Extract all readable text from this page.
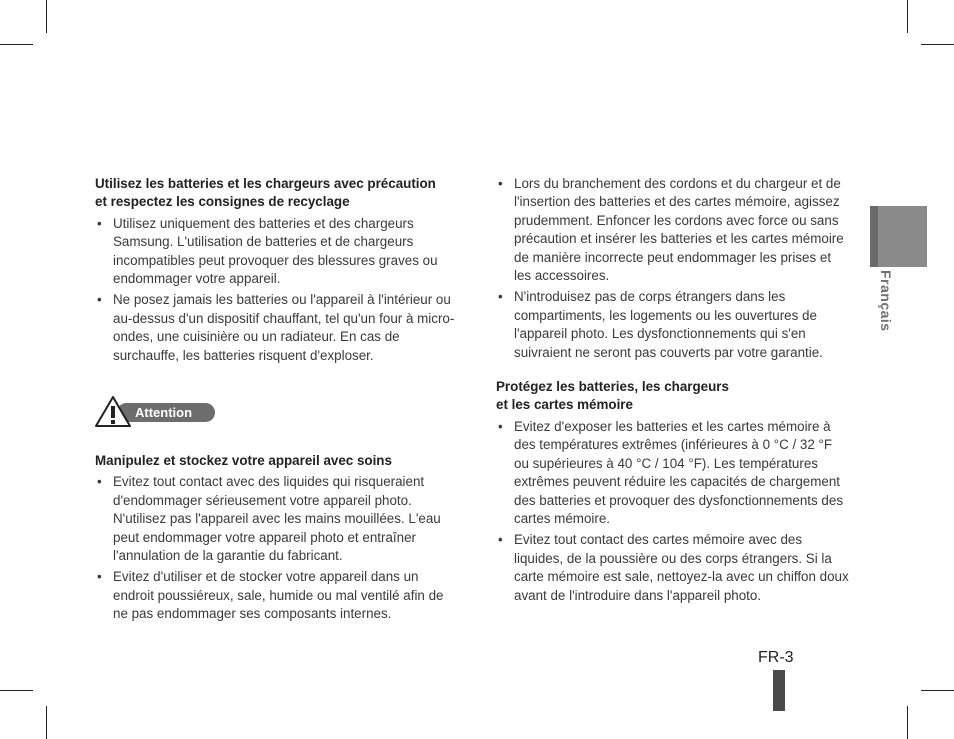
Utilisez les batteries et les chargeurs avec précaution
et respectez les consignes de recyclage
• Utilisez uniquement des batteries et des chargeurs Samsung. L'utilisation de batteries et de chargeurs incompatibles peut provoquer des blessures graves ou endommager votre appareil.
• Ne posez jamais les batteries ou l'appareil à l'intérieur ou au-dessus d'un dispositif chauffant, tel qu'un four à micro-ondes, une cuisinière ou un radiateur. En cas de surchauffe, les batteries risquent d'exploser.
Attention
Manipulez et stockez votre appareil avec soins
• Evitez tout contact avec des liquides qui risqueraient d'endommager sérieusement votre appareil photo. N'utilisez pas l'appareil avec les mains mouillées. L'eau peut endommager votre appareil photo et entraîner l'annulation de la garantie du fabricant.
• Evitez d'utiliser et de stocker votre appareil dans un endroit poussiéreux, sale, humide ou mal ventilé afin de ne pas endommager ses composants internes.
• Lors du branchement des cordons et du chargeur et de l'insertion des batteries et des cartes mémoire, agissez prudemment. Enfoncer les cordons avec force ou sans précaution et insérer les batteries et les cartes mémoire de manière incorrecte peut endommager les prises et les accessoires.
• N'introduisez pas de corps étrangers dans les compartiments, les logements ou les ouvertures de l'appareil photo. Les dysfonctionnements qui s'en suivraient ne seront pas couverts par votre garantie.
Protégez les batteries, les chargeurs
et les cartes mémoire
• Evitez d'exposer les batteries et les cartes mémoire à des températures extrêmes (inférieures à 0 °C / 32 °F ou supérieures à 40 °C / 104 °F). Les températures extrêmes peuvent réduire les capacités de chargement des batteries et provoquer des dysfonctionnements des cartes mémoire.
• Evitez tout contact des cartes mémoire avec des liquides, de la poussière ou des corps étrangers. Si la carte mémoire est sale, nettoyez-la avec un chiffon doux avant de l'introduire dans l'appareil photo.
Français
FR-3
